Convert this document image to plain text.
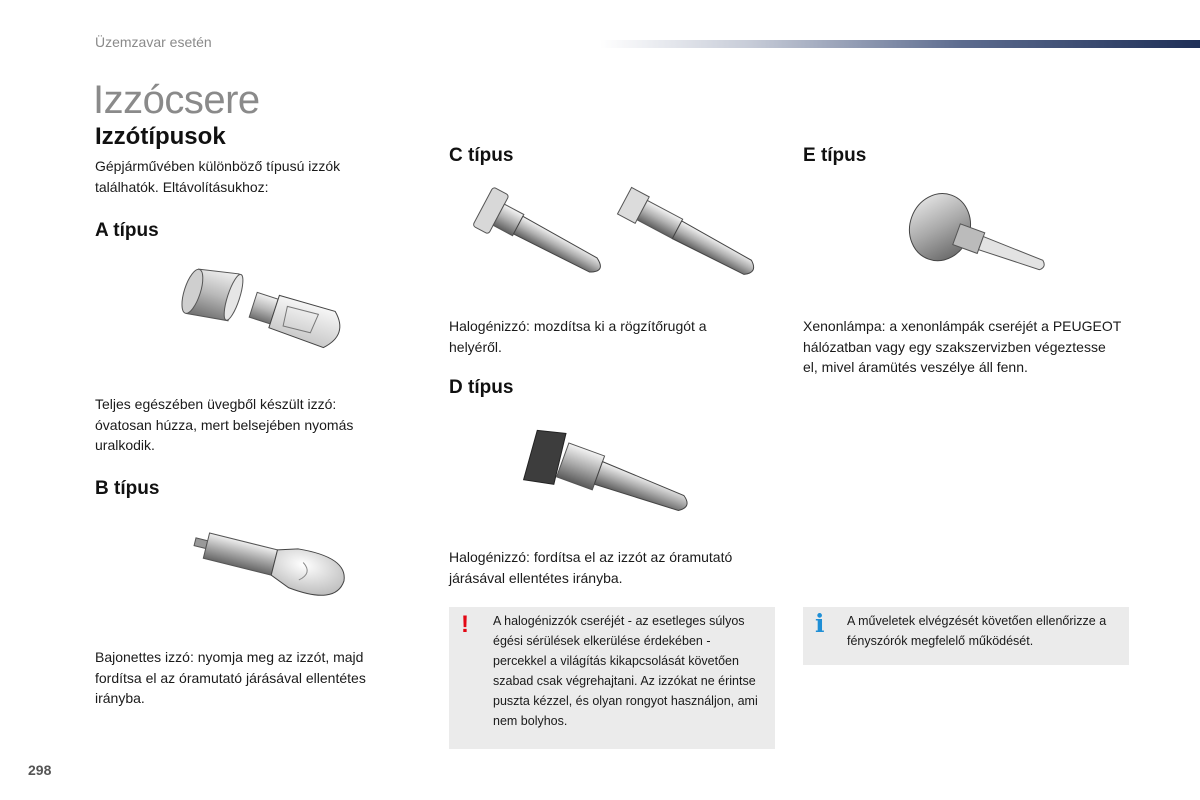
Üzemzavar esetén
Izzócsere
Izzótípusok
Gépjárművében különböző típusú izzók találhatók. Eltávolításukhoz:
A típus
Teljes egészében üvegből készült izzó: óvatosan húzza, mert belsejében nyomás uralkodik.
B típus
Bajonettes izzó: nyomja meg az izzót, majd fordítsa el az óramutató járásával ellentétes irányba.
C típus
Halogénizzó: mozdítsa ki a rögzítőrugót a helyéről.
D típus
Halogénizzó: fordítsa el az izzót az óramutató járásával ellentétes irányba.
E típus
Xenonlámpa: a xenonlámpák cseréjét a PEUGEOT hálózatban vagy egy szakszervizben végeztesse el, mivel áramütés veszélye áll fenn.
! A halogénizzók cseréjét - az esetleges súlyos égési sérülések elkerülése érdekében - percekkel a világítás kikapcsolását követően szabad csak végrehajtani. Az izzókat ne érintse puszta kézzel, és olyan rongyot használjon, ami nem bolyhos.
i A műveletek elvégzését követően ellenőrizze a fényszórók megfelelő működését.
298
